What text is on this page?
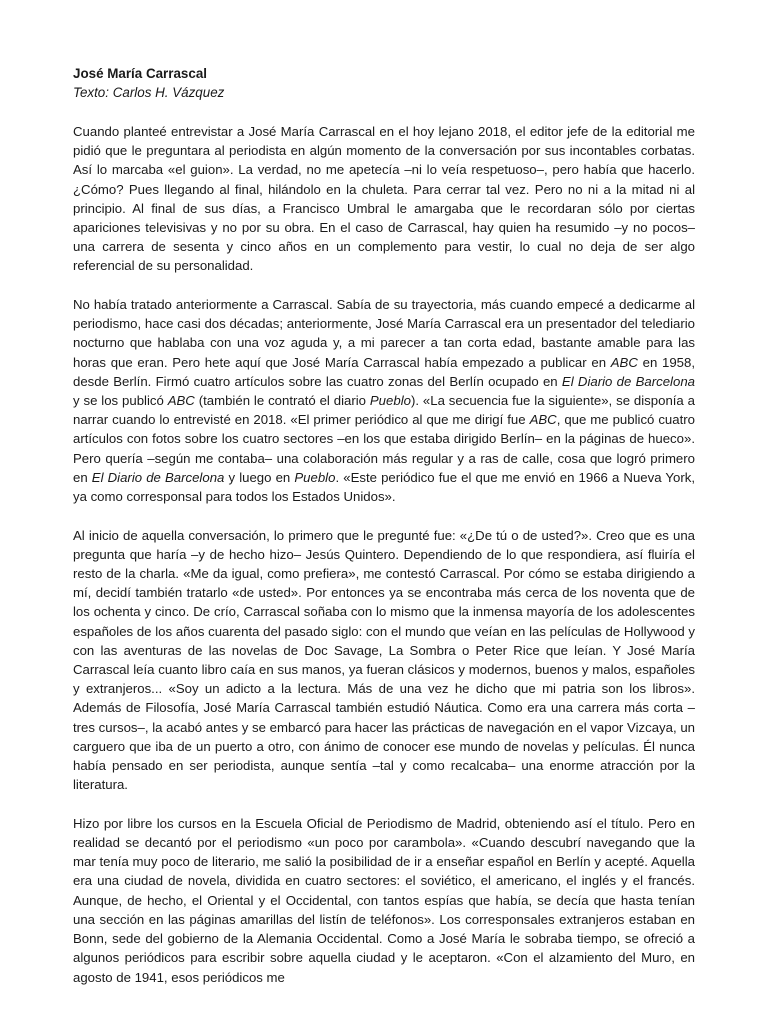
José María Carrascal

Texto: Carlos H. Vázquez

Cuando planteé entrevistar a José María Carrascal en el hoy lejano 2018, el editor jefe de la editorial me pidió que le preguntara al periodista en algún momento de la conversación por sus incontables corbatas. Así lo marcaba «el guion». La verdad, no me apetecía –ni lo veía respetuoso–, pero había que hacerlo. ¿Cómo? Pues llegando al final, hilándolo en la chuleta. Para cerrar tal vez. Pero no ni a la mitad ni al principio. Al final de sus días, a Francisco Umbral le amargaba que le recordaran sólo por ciertas apariciones televisivas y no por su obra. En el caso de Carrascal, hay quien ha resumido –y no pocos– una carrera de sesenta y cinco años en un complemento para vestir, lo cual no deja de ser algo referencial de su personalidad.

No había tratado anteriormente a Carrascal. Sabía de su trayectoria, más cuando empecé a dedicarme al periodismo, hace casi dos décadas; anteriormente, José María Carrascal era un presentador del telediario nocturno que hablaba con una voz aguda y, a mi parecer a tan corta edad, bastante amable para las horas que eran. Pero hete aquí que José María Carrascal había empezado a publicar en ABC en 1958, desde Berlín. Firmó cuatro artículos sobre las cuatro zonas del Berlín ocupado en El Diario de Barcelona y se los publicó ABC (también le contrató el diario Pueblo). «La secuencia fue la siguiente», se disponía a narrar cuando lo entrevisté en 2018. «El primer periódico al que me dirigí fue ABC, que me publicó cuatro artículos con fotos sobre los cuatro sectores –en los que estaba dirigido Berlín– en la páginas de hueco». Pero quería –según me contaba– una colaboración más regular y a ras de calle, cosa que logró primero en El Diario de Barcelona y luego en Pueblo. «Este periódico fue el que me envió en 1966 a Nueva York, ya como corresponsal para todos los Estados Unidos».

Al inicio de aquella conversación, lo primero que le pregunté fue: «¿De tú o de usted?». Creo que es una pregunta que haría –y de hecho hizo– Jesús Quintero. Dependiendo de lo que respondiera, así fluiría el resto de la charla. «Me da igual, como prefiera», me contestó Carrascal. Por cómo se estaba dirigiendo a mí, decidí también tratarlo «de usted». Por entonces ya se encontraba más cerca de los noventa que de los ochenta y cinco. De crío, Carrascal soñaba con lo mismo que la inmensa mayoría de los adolescentes españoles de los años cuarenta del pasado siglo: con el mundo que veían en las películas de Hollywood y con las aventuras de las novelas de Doc Savage, La Sombra o Peter Rice que leían. Y José María Carrascal leía cuanto libro caía en sus manos, ya fueran clásicos y modernos, buenos y malos, españoles y extranjeros... «Soy un adicto a la lectura. Más de una vez he dicho que mi patria son los libros». Además de Filosofía, José María Carrascal también estudió Náutica. Como era una carrera más corta –tres cursos–, la acabó antes y se embarcó para hacer las prácticas de navegación en el vapor Vizcaya, un carguero que iba de un puerto a otro, con ánimo de conocer ese mundo de novelas y películas. Él nunca había pensado en ser periodista, aunque sentía –tal y como recalcaba– una enorme atracción por la literatura.

Hizo por libre los cursos en la Escuela Oficial de Periodismo de Madrid, obteniendo así el título. Pero en realidad se decantó por el periodismo «un poco por carambola». «Cuando descubrí navegando que la mar tenía muy poco de literario, me salió la posibilidad de ir a enseñar español en Berlín y acepté. Aquella era una ciudad de novela, dividida en cuatro sectores: el soviético, el americano, el inglés y el francés. Aunque, de hecho, el Oriental y el Occidental, con tantos espías que había, se decía que hasta tenían una sección en las páginas amarillas del listín de teléfonos». Los corresponsales extranjeros estaban en Bonn, sede del gobierno de la Alemania Occidental. Como a José María le sobraba tiempo, se ofreció a algunos periódicos para escribir sobre aquella ciudad y le aceptaron. «Con el alzamiento del Muro, en agosto de 1941, esos periódicos me
